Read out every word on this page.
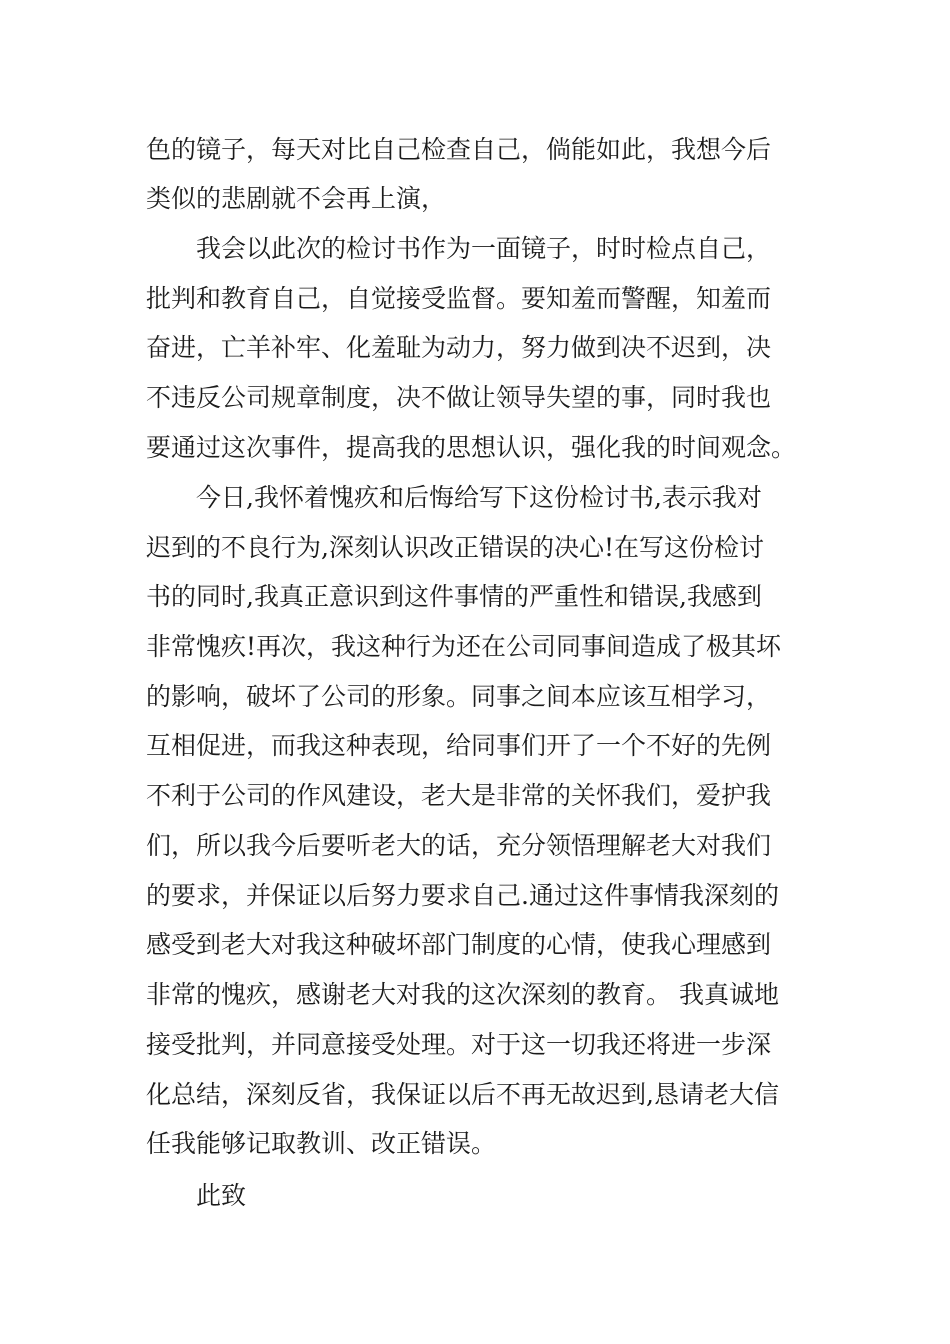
色的镜子，每天对比自己检查自己，倘能如此，我想今后
类似的悲剧就不会再上演，
我会以此次的检讨书作为一面镜子，时时检点自己，
批判和教育自己，自觉接受监督。要知羞而警醒，知羞而
奋进，亡羊补牢、化羞耻为动力，努力做到决不迟到，决
不违反公司规章制度，决不做让领导失望的事，同时我也
要通过这次事件，提高我的思想认识，强化我的时间观念。
今日,我怀着愧疚和后悔给写下这份检讨书,表示我对
迟到的不良行为,深刻认识改正错误的决心!在写这份检讨
书的同时,我真正意识到这件事情的严重性和错误,我感到
非常愧疚!再次，我这种行为还在公司同事间造成了极其坏
的影响，破坏了公司的形象。同事之间本应该互相学习，
互相促进，而我这种表现，给同事们开了一个不好的先例
不利于公司的作风建设，老大是非常的关怀我们，爱护我
们，所以我今后要听老大的话，充分领悟理解老大对我们
的要求，并保证以后努力要求自己.通过这件事情我深刻的
感受到老大对我这种破坏部门制度的心情，使我心理感到
非常的愧疚，感谢老大对我的这次深刻的教育。 我真诚地
接受批判，并同意接受处理。对于这一切我还将进一步深
化总结，深刻反省，我保证以后不再无故迟到,恳请老大信
任我能够记取教训、改正错误。
此致
